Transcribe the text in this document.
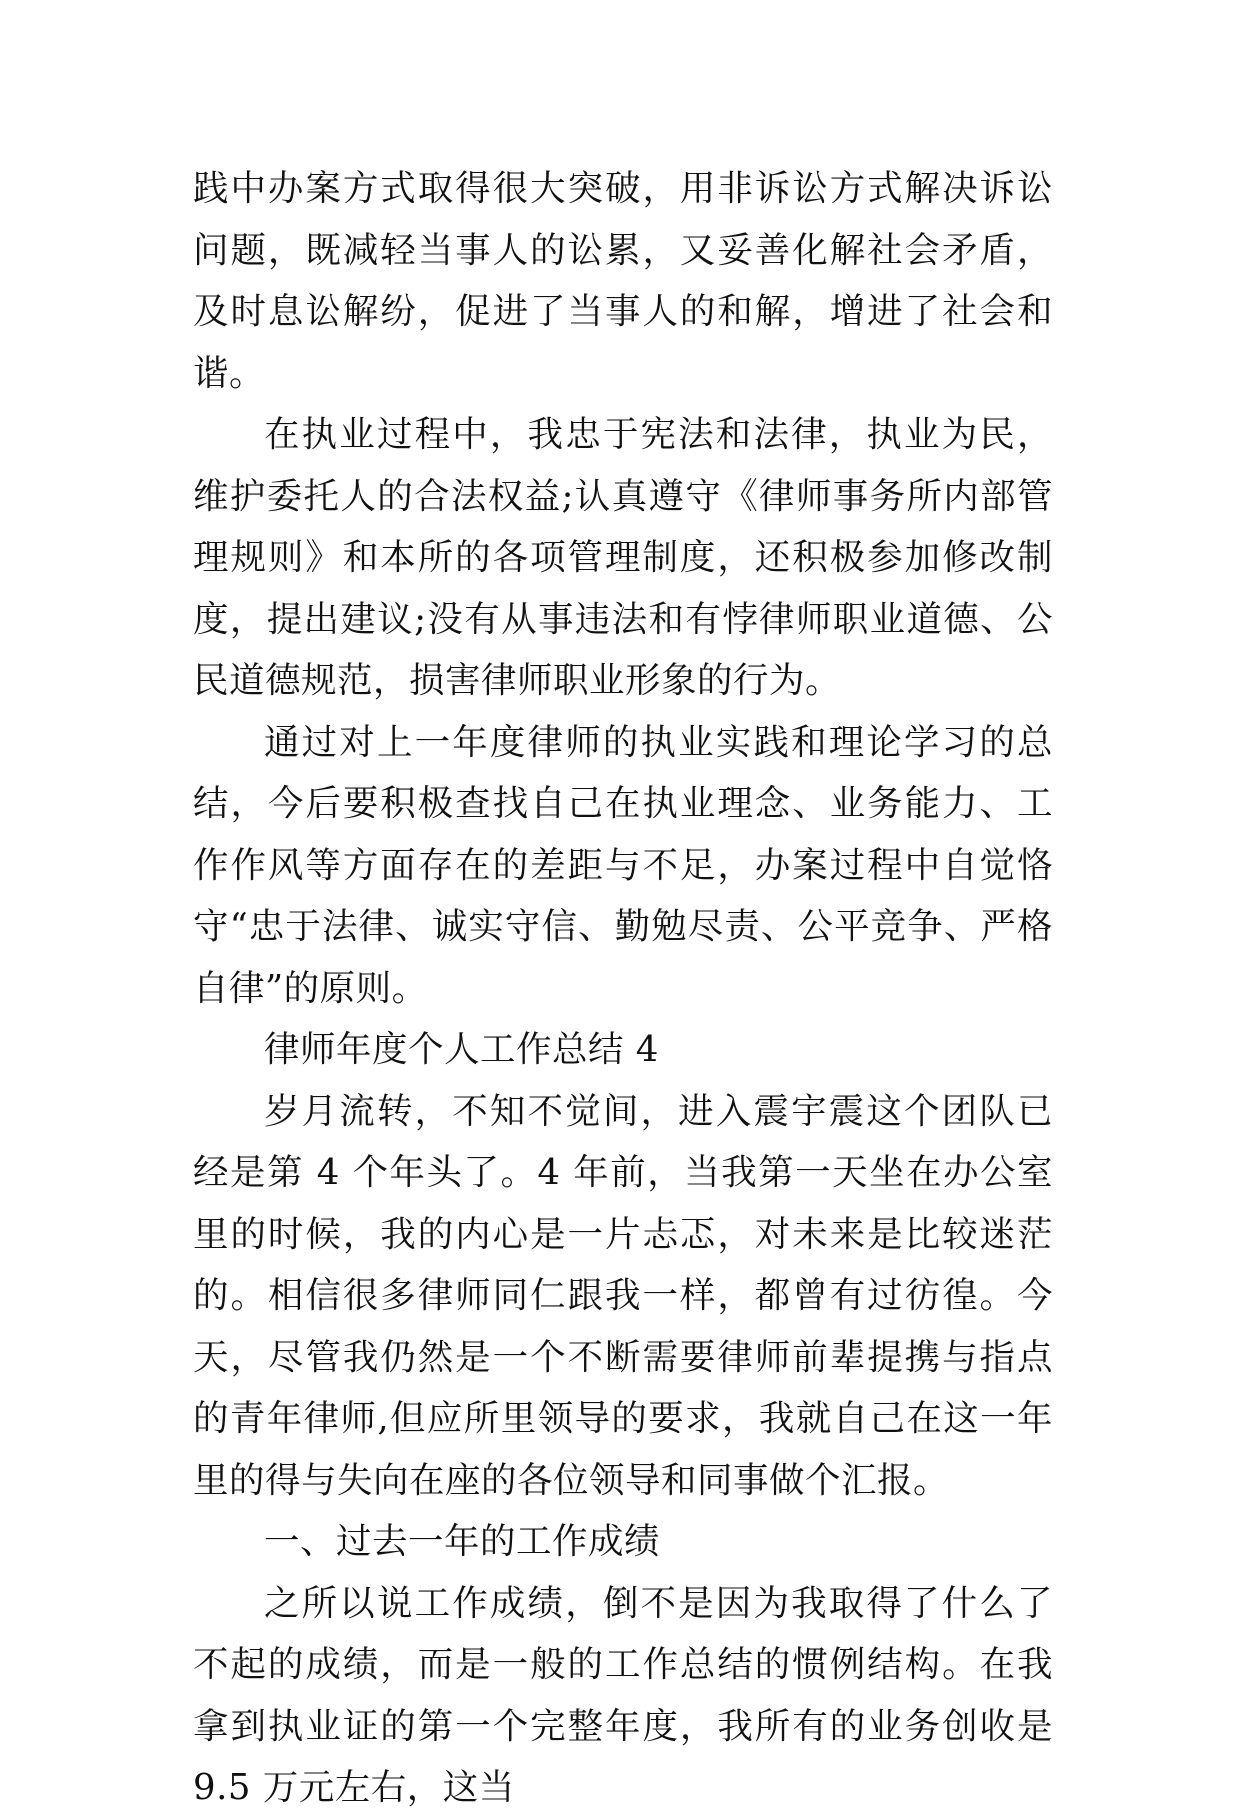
践中办案方式取得很大突破，用非诉讼方式解决诉讼问题，既减轻当事人的讼累，又妥善化解社会矛盾，及时息讼解纷，促进了当事人的和解，增进了社会和谐。

在执业过程中，我忠于宪法和法律，执业为民，维护委托人的合法权益;认真遵守《律师事务所内部管理规则》和本所的各项管理制度，还积极参加修改制度，提出建议;没有从事违法和有悖律师职业道德、公民道德规范，损害律师职业形象的行为。

通过对上一年度律师的执业实践和理论学习的总结，今后要积极查找自己在执业理念、业务能力、工作作风等方面存在的差距与不足，办案过程中自觉恪守“忠于法律、诚实守信、勤勉尽责、公平竞争、严格自律”的原则。

律师年度个人工作总结 4

岁月流转，不知不觉间，进入震宇震这个团队已经是第 4 个年头了。4 年前，当我第一天坐在办公室里的时候，我的内心是一片忐忑，对未来是比较迷茫的。相信很多律师同仁跟我一样，都曾有过彷徨。今天，尽管我仍然是一个不断需要律师前辈提携与指点的青年律师,但应所里领导的要求，我就自己在这一年里的得与失向在座的各位领导和同事做个汇报。

一、过去一年的工作成绩

之所以说工作成绩，倒不是因为我取得了什么了不起的成绩，而是一般的工作总结的惯例结构。在我拿到执业证的第一个完整年度，我所有的业务创收是 9.5 万元左右，这当
